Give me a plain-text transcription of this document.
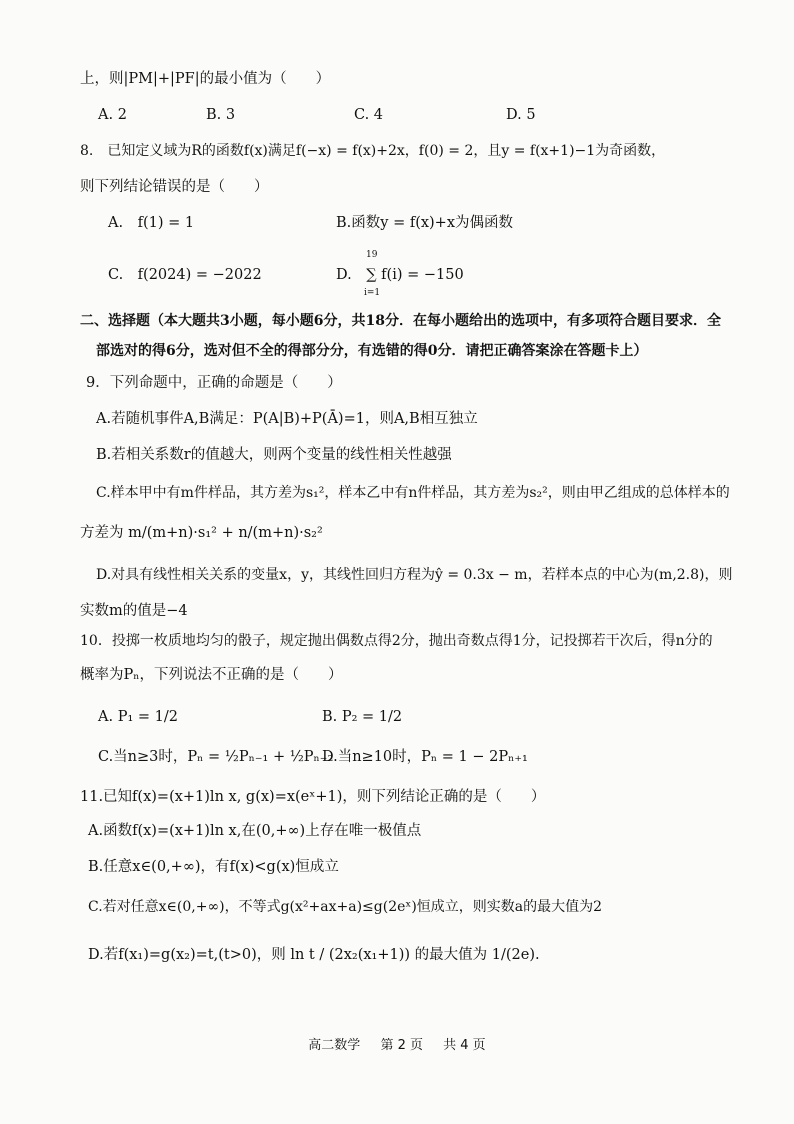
上，则|PM|+|PF|的最小值为（　　）
A. 2	B. 3	C. 4	D. 5
8.　已知定义域为R的函数f(x)满足f(−x) = f(x)+2x，f(0) = 2，且y = f(x+1)−1为奇函数，
则下列结论错误的是（　　）
A.　f(1) = 1	B.函数y = f(x)+x为偶函数
C.　f(2024) = −2022	D.　∑ f(i) = −150
19
i=1
二、选择题（本大题共3小题，每小题6分，共18分．在每小题给出的选项中，有多项符合题目要求．全
部选对的得6分，选对但不全的得部分分，有选错的得0分．请把正确答案涂在答题卡上）
9．下列命题中，正确的命题是（　　）
A.若随机事件A,B满足：P(A|B)+P(Ā)=1，则A,B相互独立
B.若相关系数r的值越大，则两个变量的线性相关性越强
C.样本甲中有m件样品，其方差为s₁²，样本乙中有n件样品，其方差为s₂²，则由甲乙组成的总体样本的
方差为 m/(m+n)·s₁² + n/(m+n)·s₂²
D.对具有线性相关关系的变量x，y，其线性回归方程为ŷ = 0.3x − m，若样本点的中心为(m,2.8)，则
实数m的值是−4
10．投掷一枚质地均匀的骰子，规定抛出偶数点得2分，抛出奇数点得1分，记投掷若干次后，得n分的
概率为Pₙ，下列说法不正确的是（　　）
A. P₁ = 1/2	B. P₂ = 1/2
C.当n≥3时，Pₙ = ½Pₙ₋₁ + ½Pₙ₋₂
D.当n≥10时，Pₙ = 1 − 2Pₙ₊₁
11.已知f(x)=(x+1)ln x, g(x)=x(eˣ+1)，则下列结论正确的是（　　）
A.函数f(x)=(x+1)ln x,在(0,+∞)上存在唯一极值点
B.任意x∈(0,+∞)，有f(x)<g(x)恒成立
C.若对任意x∈(0,+∞)，不等式g(x²+ax+a)≤g(2eˣ)恒成立，则实数a的最大值为2
D.若f(x₁)=g(x₂)=t,(t>0)，则 ln t / (2x₂(x₁+1)) 的最大值为 1/(2e).
高二数学 第 2 页 共 4 页
